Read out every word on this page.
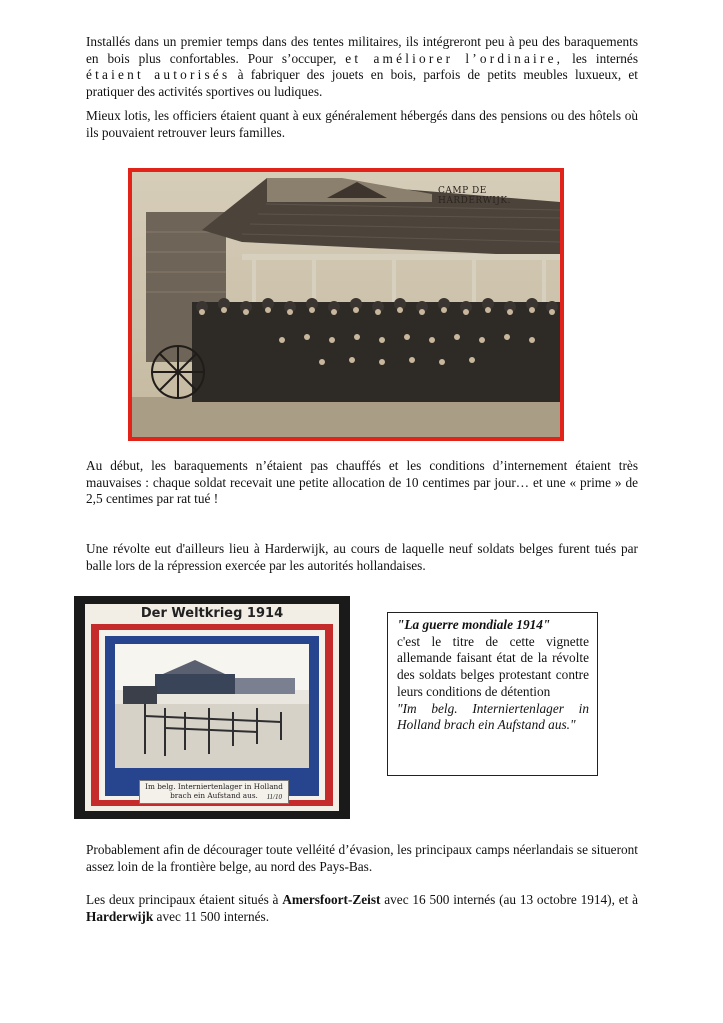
Installés dans un premier temps dans des tentes militaires, ils intégreront peu à peu des baraquements en bois plus confortables. Pour s’occuper, et améliorer l’ordinaire, les internés étaient autorisés à fabriquer des jouets en bois, parfois de petits meubles luxueux, et pratiquer des activités sportives ou ludiques.

Mieux lotis, les officiers étaient quant à eux généralement hébergés dans des pensions ou des hôtels où ils pouvaient retrouver leurs familles.

CAMP DE HARDERWIJK.

Au début, les baraquements n’étaient pas chauffés et les conditions d’internement étaient très mauvaises : chaque soldat recevait une petite allocation de 10 centimes par jour… et une « prime » de 2,5 centimes par rat tué !

Une révolte eut d'ailleurs lieu à Harderwijk, au cours de laquelle neuf soldats belges furent tués par balle lors de la répression exercée par les autorités hollandaises.

Der Weltkrieg 1914
Im belg. Interniertenlager in Holland
brach ein Aufstand aus.	11/10

"La guerre mondiale 1914"

c'est le titre de cette vignette allemande faisant état de la révolte des soldats belges protestant contre leurs conditions de détention

"Im belg. Interniertenlager in Holland brach ein Aufstand aus."

Probablement afin de décourager toute velléité d’évasion, les principaux camps néerlandais se situeront assez loin de la frontière belge, au nord des Pays-Bas.

Les deux principaux étaient situés à Amersfoort-Zeist avec 16 500 internés (au 13 octobre 1914), et à Harderwijk avec 11 500 internés.
